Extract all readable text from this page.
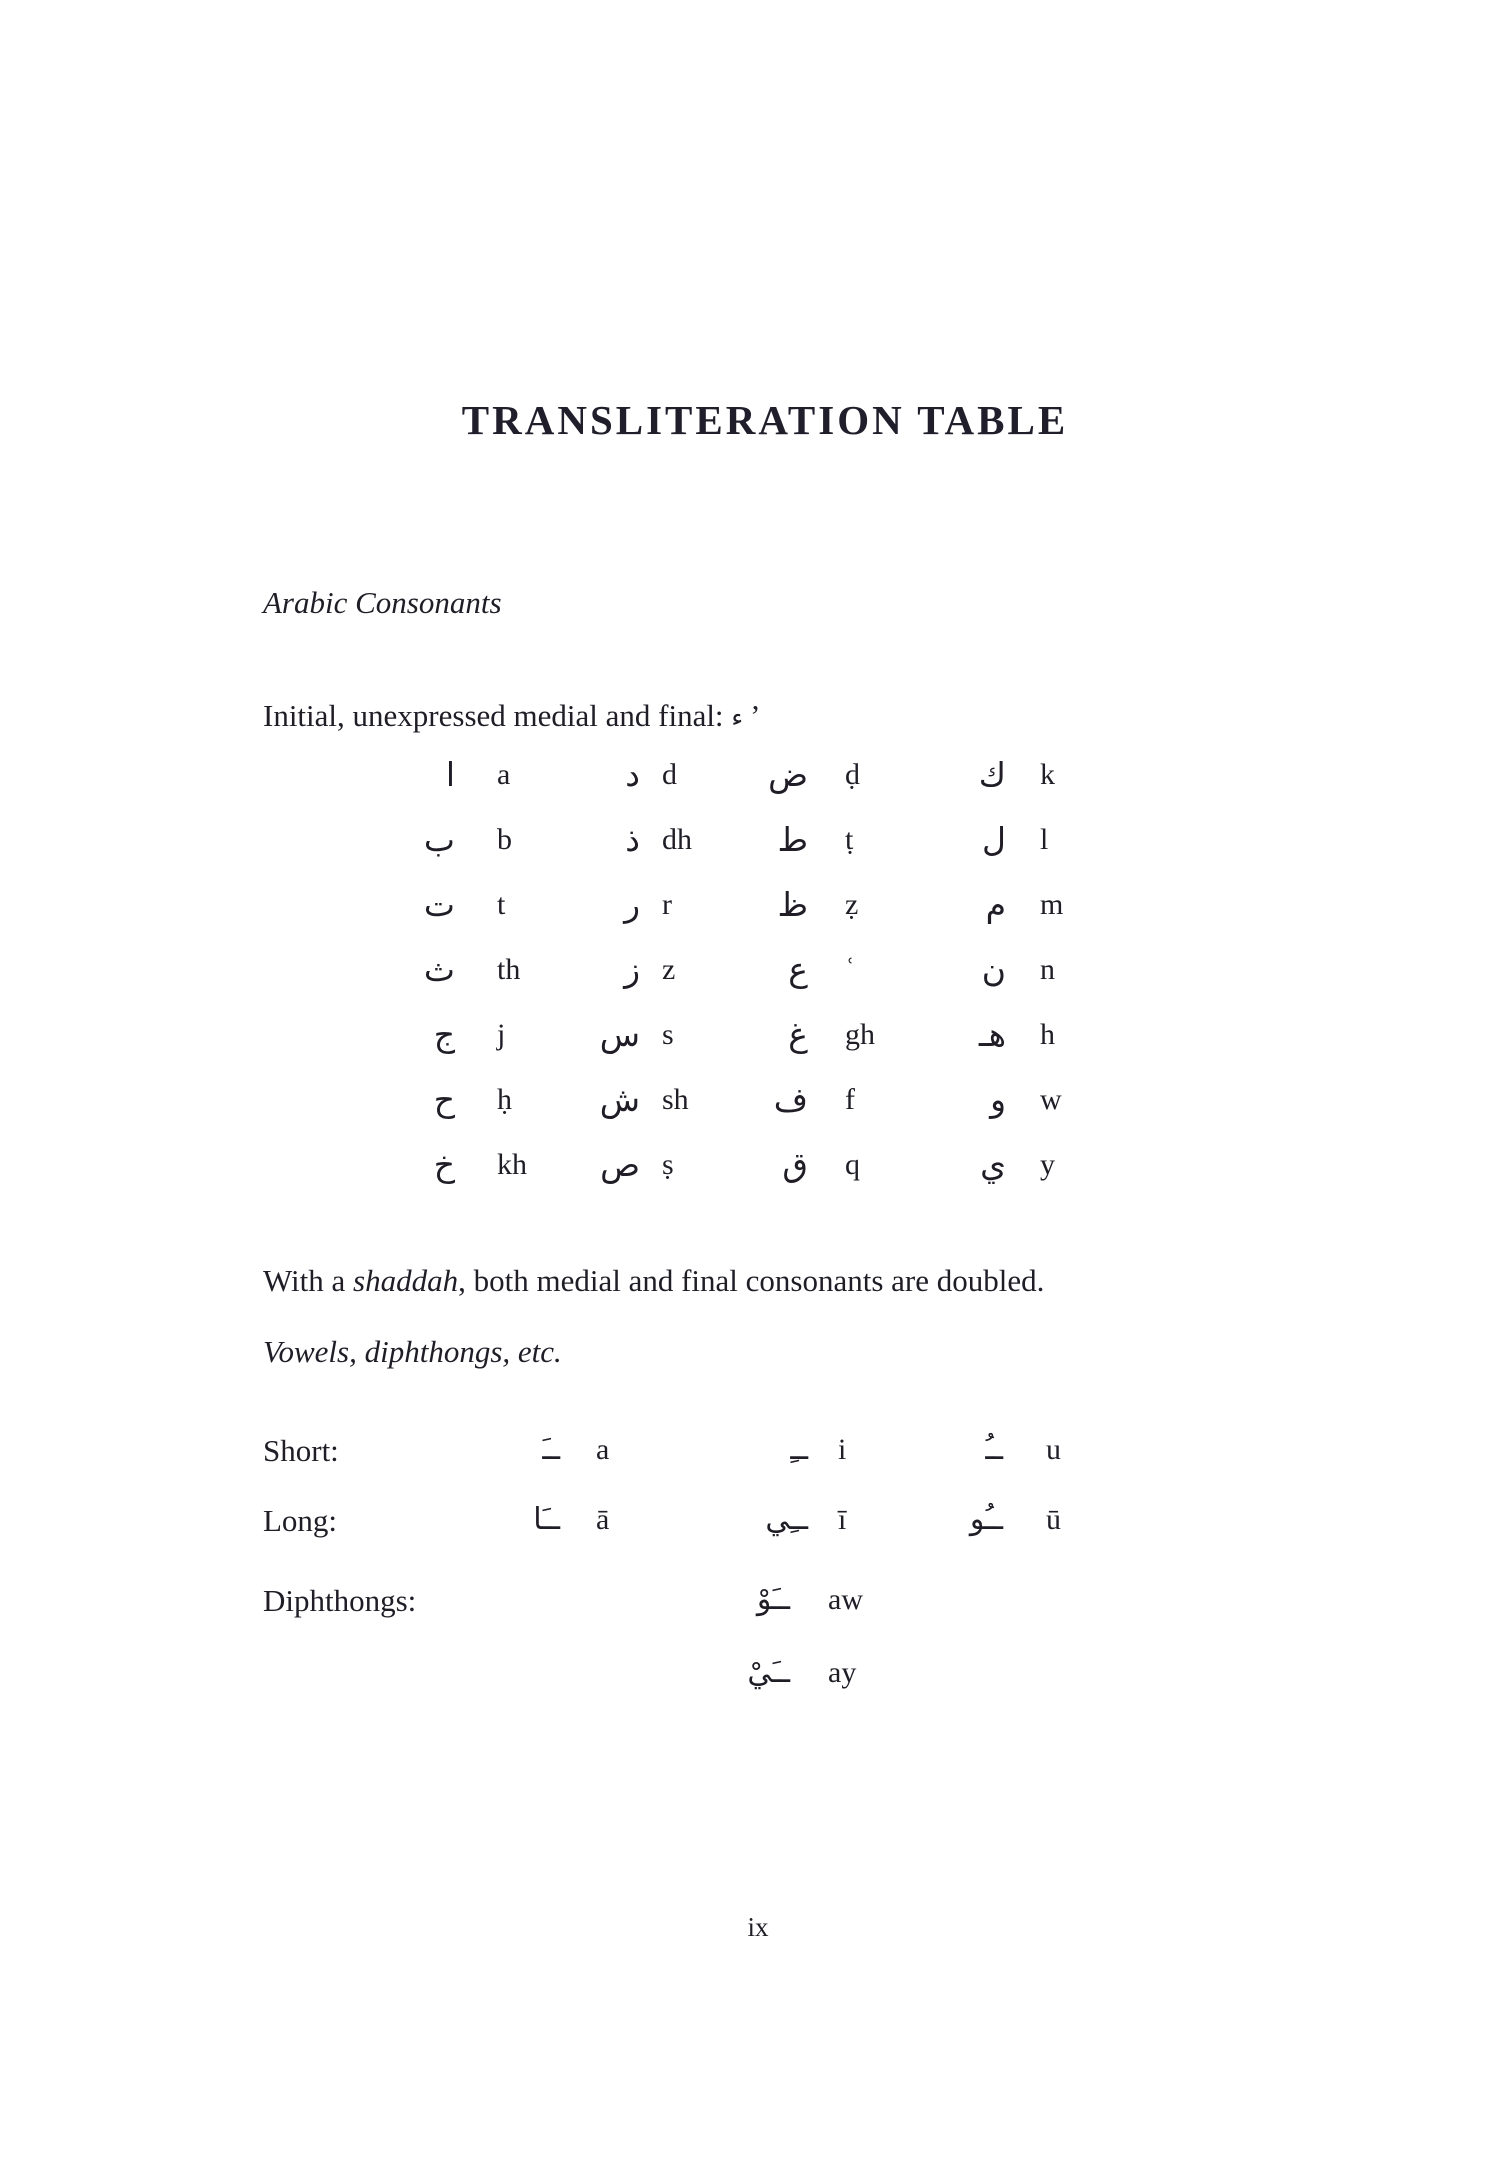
TRANSLITERATION TABLE
Arabic Consonants
Initial, unexpressed medial and final: ء ’
ا	a	د d	ض	ḍ	ك	k
ب	b	ذ dh	ط	ṭ	ل	l
ت	t	ر r	ظ	ẓ	م	m
ث	th	ز z	ع	ʿ	ن	n
ج	j	س s	غ	gh	هـ	h
ح	ḥ	ش sh	ف	f	و	w
خ	kh	ص ṣ	ق	q	ي	y
With a shaddah, both medial and final consonants are doubled.
Vowels, diphthongs, etc.
Short:	ــَ a	ــِ i	ــُ u
Long:	ــَا ā	ــِي ī	ــُو ū
Diphthongs:	ــَوْ aw
ــَيْ ay
ix
